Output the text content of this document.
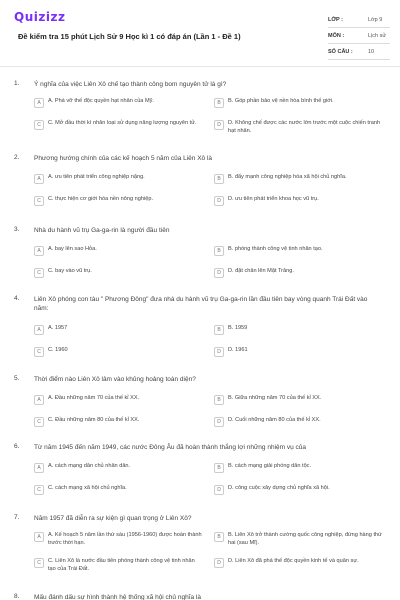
Quizizz
Đề kiểm tra 15 phút Lịch Sử 9 Học kì 1 có đáp án (Lần 1 - Đề 1)
LỚP :	Lớp 9
MÔN :	Lịch sử
SỐ CÂU :	10
1. Ý nghĩa của việc Liên Xô chế tạo thành công bom nguyên tử là gì?
A	A. Phá vỡ thế độc quyền hạt nhân của Mỹ.	B	B. Góp phần bảo vệ nền hòa bình thế giới.
C	C. Mở đầu thời kì nhân loại sử dụng năng lượng nguyên tử.	D	D. Không chế được các nước lớn trước một cuộc chiến tranh hạt nhân.
2. Phương hướng chính của các kế hoạch 5 năm của Liên Xô là
A	A. ưu tiên phát triển công nghiệp nặng.	B	B. đẩy mạnh công nghiệp hóa xã hội chủ nghĩa.
C	C. thực hiện cơ giới hóa nền nông nghiệp.	D	D. ưu tiên phát triển khoa học vũ trụ.
3. Nhà du hành vũ trụ Ga-ga-rin là người đầu tiên
A	A. bay lên sao Hỏa.	B	B. phóng thành công vệ tinh nhân tạo.
C	C. bay vào vũ trụ.	D	D. đặt chân lên Mặt Trăng.
4. Liên Xô phóng con tàu " Phương Đông" đưa nhà du hành vũ trụ Ga-ga-rin lần đầu tiên bay vòng quanh Trái Đất vào năm:
A	A. 1957	B	B. 1959
C	C. 1960	D	D. 1961
5. Thời điểm nào Liên Xô lâm vào khủng hoảng toàn diện?
A	A. Đầu những năm 70 của thế kỉ XX.	B	B. Giữa những năm 70 của thế kỉ XX.
C	C. Đầu những năm 80 của thế kỉ XX.	D	D. Cuối những năm 80 của thế kỉ XX.
6. Từ năm 1945 đến năm 1949, các nước Đông Âu đã hoàn thành thắng lợi những nhiệm vụ của
A	A. cách mạng dân chủ nhân dân.	B	B. cách mạng giải phóng dân tộc.
C	C. cách mạng xã hội chủ nghĩa.	D	D. công cuộc xây dựng chủ nghĩa xã hội.
7. Năm 1957 đã diễn ra sự kiện gì quan trọng ở Liên Xô?
A	A. Kế hoạch 5 năm lần thứ sáu (1956-1960) được hoàn thành trước thời hạn.
B	B. Liên Xô trở thành cường quốc công nghiệp, đứng hàng thứ hai (sau Mĩ).
C	C. Liên Xô là nước đầu tiên phóng thành công vệ tinh nhân tạo của Trái Đất.
D	D. Liên Xô đã phá thế độc quyền kinh tế và quân sự.
8. Mấu đánh dấu sự hình thành hệ thống xã hội chủ nghĩa là
